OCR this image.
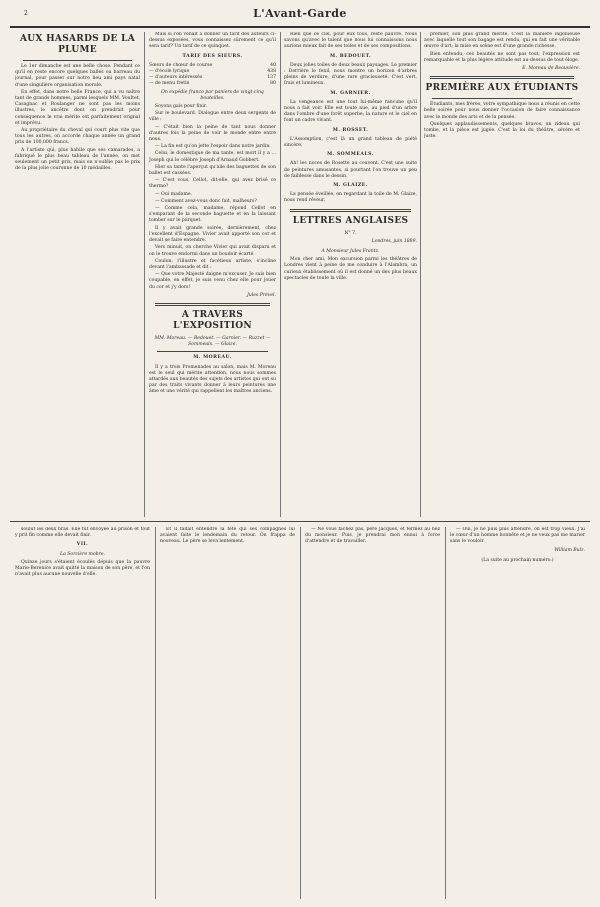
2	L'Avant-Garde
AUX HASARDS DE LA PLUME

Le 1er dimanche est une belle chose. Pendant ce qu'il en reste encore quelques balles ou barreau du journal, pour passer sur notre lieu ami pays natal d'une singulière organisation morale.

En effet, dans notre belle France, qui a vu naître tant de grands hommes, parmi lesquels MM. Voultet, Casagnac et Boulanger ne sont pas les moins illustres, le ancêtre dont on prendrait pour conséquence le vrai mérite est parfaitement orignal et imprévu.

Au propriétaire du cheval qui court plus vite que tous les autres, on accorde chaque année un grand prix de 100,000 francs.

A l'artiste qui, plus habile que ses camarades, a fabriqué le plus beau tableau de l'année, on met seulement un petit prix, mais on n'oublie pas le prix de la plus jolie couronne de 10 médailles.

Mais si l'on venait à donner un tarif des auteurs ci-dessus exposées, vous connaissez sûrement ce qu'il sera tarif? Un tarif de ce quinquet.

TARIF DES SIEURS.
Sœurs de chœur de course	40
— d'école lyrique	438
— d'auteurs intéressés	137
— de menu fretin	80
On expédie franco par paniers de vingt-cinq bouteilles.

Soyons gais pour finir.

Sur le boulevard. Dialogue entre deux sergents de ville :

— C'était bien la peine de tant nous donner d'autres fois la peine de voir le monde entre entre nous.

— La fin est qu'on jette l'espoir dans notre jardin.

Celui, le domestique de ma tante, est mort il y a ... Joseph qui le célèbre Joseph d'Arnaud Gobbert.

Hier sa tante l'aperçut qu'aile des baguettes de son ballet est cassées.

— C'est vous, Cellot, dit-elle, qui avez brisé ce thermo?

— Oui madame.

— Comment avez-vous donc fait, malheurs?

— Comme cela, madame, répond Cellot en s'emparant de la seconde baguette et en la laissant tomber sur le parquet.

Il y avait grande soirée, dernièrement, chez l'excellent d'Espagne. Vivier avait apporté son cor et devait se faire entendre.

Vers minuit, on cherche Vivier qui avait disparu et on le trouve endormi dans un boudoir écarté.

Coulon, l'illustre et facétieux artiste, s'incline devant l'ambassade et dit :

— Que votre Majesté daigne m'excuser. Je suis bien coupable, en effet, je suis venu chez elle pour jouer du cor et j'y dors!

Jules Prével.
A TRAVERS L'EXPOSITION
MM. Moreau. — Bedouet. — Garnier. — Ruzzet — Sommeals. — Glaize.
M. MOREAU.

Il y a trois Promenades au salon, mais M. Moreau est le seul qui mérite attention, nous nous sommes attardés aux beautés des sujets des artistes qui ont su par des traits vivants donner à leurs peintures une âme et une vérité qui rappellent les maîtres anciens.

Rien que ce ciel, pour eux tous, reste pauvre. Nous savons qu'avec le talent que nous lui connaissons nous aurions mieux fait de ses toiles et de ses compositions.

M. BEDOUET.

Deux jolies toiles de deux beaux paysages. Le premier : Derrière le fenil, nous montre un horizon d'arbres pleins de verdure, d'une rare gracieuseté. C'est vert, frais et lumineux.

M. GARNIER.

La vengeance est une tout lui-même rancune qu'il nous a fait voir. Elle est toute nue, au pied d'un arbre dans l'ombre d'une forêt superbe; la nature et le ciel en font un cadre vivant.

M. ROSSET.

L'Assomption, c'est là un grand tableau de piété sincère.

M. SOMMEALS.

Ah! les noces de Rosette au couvent. C'est une suite de peintures amusantes, si pourtant l'on trouve un peu de faiblesse dans le dessin.

M. GLAIZE.

La pensée éveillée, en regardant la toile de M. Glaize, nous rend rêveur.

LETTRES ANGLAISES
N° 7.
Londres, juin 1889.
A Monsieur Jules Frantz.

Mon cher ami, Mon excursion parmi les théâtres de Londres vient à peine de me conduire à l'Alambra, un curieux établissement où il est donné un des plus beaux spectacles de toute la ville.

premier, son plus grand mérite. C'est la manière ingénieuse avec laquelle tout son bagage est rendu, qui en fait une véritable œuvre d'art; la mise en scène est d'une grande richesse.

Bien entendu, ces beautés ne sont pas tout, l'expression est remarquable et la plus légère attitude est au-dessus de tout éloge.

E. Moreau de Beauvière.
PREMIÈRE AUX ÉTUDIANTS

Étudiants, mes frères, votre sympathique nous a réunis en cette belle soirée pour nous donner l'occasion de faire connaissance avec le monde des arts et de la pensée.

Quelques applaudissements, quelques bravos, un rideau qui tombe, et la pièce est jugée. C'est la loi du théâtre, sévère et juste.

soulut les deux bras. Elle fut envoyée au prison et tout y prit fin comme elle devait finir.

VII.
La Sorcière mobre.

Quinze jours s'étaient écoulés depuis que la pauvre Marie-Berenice avait quitté la maison de son père, et l'on n'avait plus aucune nouvelle d'elle.

Et il fallait entendre la fête qui ses compagnes lui avaient faite le lendemain du retour. On frappa de nouveau. Le père se leva lentement.

— Ne vous fâchez pas, père Jacques, et fermez au nez du monsieur. Puis, je prendrai mon ennui à force d'attendre et de travailler.

— Oui, je ne puis plus attendre, on est trop vieux. J'ai le cœur d'un homme honnête et je ne veux pas me marier sans le vouloir.

William Bulz.
(La suite au prochain numéro.)
